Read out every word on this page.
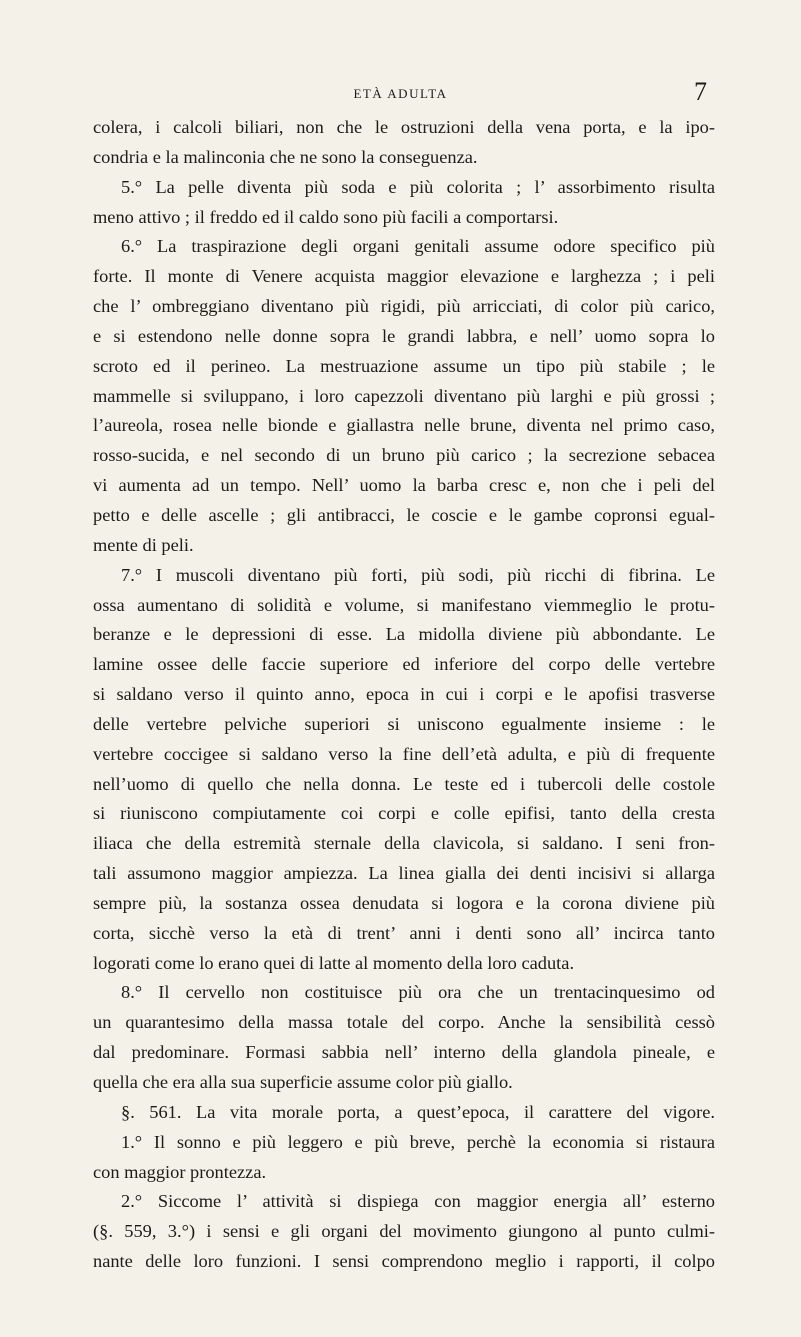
ETÀ ADULTA	7
colera, i calcoli biliari, non che le ostruzioni della vena porta, e la ipo-
condria e la malinconia che ne sono la conseguenza.
5.° La pelle diventa più soda e più colorita ; l’ assorbimento risulta
meno attivo ; il freddo ed il caldo sono più facili a comportarsi.
6.° La traspirazione degli organi genitali assume odore specifico più
forte. Il monte di Venere acquista maggior elevazione e larghezza ; i peli
che l’ ombreggiano diventano più rigidi, più arricciati, di color più carico,
e si estendono nelle donne sopra le grandi labbra, e nell’ uomo sopra lo
scroto ed il perineo. La mestruazione assume un tipo più stabile ; le
mammelle si sviluppano, i loro capezzoli diventano più larghi e più grossi ;
l’aureola, rosea nelle bionde e giallastra nelle brune, diventa nel primo caso,
rosso-sucida, e nel secondo di un bruno più carico ; la secrezione sebacea
vi aumenta ad un tempo. Nell’ uomo la barba cresc e, non che i peli del
petto e delle ascelle ; gli antibracci, le coscie e le gambe copronsi egual-
mente di peli.
7.° I muscoli diventano più forti, più sodi, più ricchi di fibrina. Le
ossa aumentano di solidità e volume, si manifestano viemmeglio le protu-
beranze e le depressioni di esse. La midolla diviene più abbondante. Le
lamine ossee delle faccie superiore ed inferiore del corpo delle vertebre
si saldano verso il quinto anno, epoca in cui i corpi e le apofisi trasverse
delle vertebre pelviche superiori si uniscono egualmente insieme : le
vertebre coccigee si saldano verso la fine dell’età adulta, e più di frequente
nell’uomo di quello che nella donna. Le teste ed i tubercoli delle costole
si riuniscono compiutamente coi corpi e colle epifisi, tanto della cresta
iliaca che della estremità sternale della clavicola, si saldano. I seni fron-
tali assumono maggior ampiezza. La linea gialla dei denti incisivi si allarga
sempre più, la sostanza ossea denudata si logora e la corona diviene più
corta, sicchè verso la età di trent’ anni i denti sono all’ incirca tanto
logorati come lo erano quei di latte al momento della loro caduta.
8.° Il cervello non costituisce più ora che un trentacinquesimo od
un quarantesimo della massa totale del corpo. Anche la sensibilità cessò
dal predominare. Formasi sabbia nell’ interno della glandola pineale, e
quella che era alla sua superficie assume color più giallo.
§. 561. La vita morale porta, a quest’epoca, il carattere del vigore.
1.° Il sonno e più leggero e più breve, perchè la economia si ristaura
con maggior prontezza.
2.° Siccome l’ attività si dispiega con maggior energia all’ esterno
(§. 559, 3.°) i sensi e gli organi del movimento giungono al punto culmi-
nante delle loro funzioni. I sensi comprendono meglio i rapporti, il colpo
